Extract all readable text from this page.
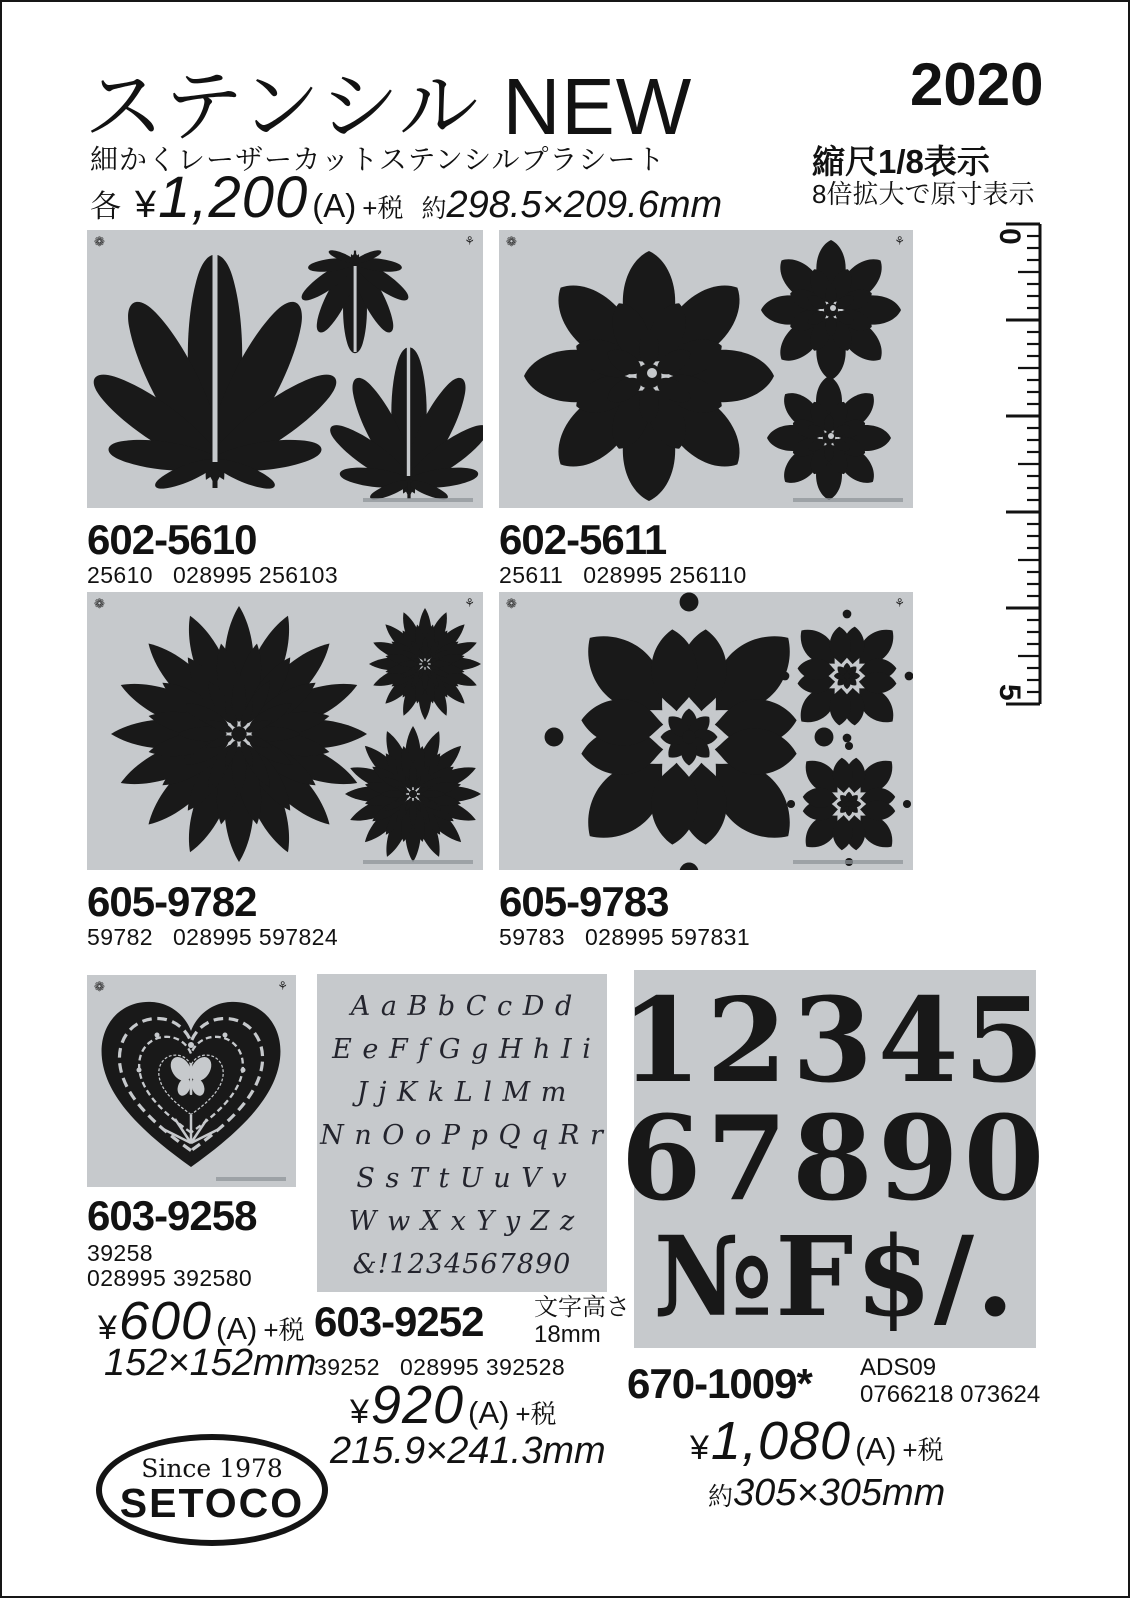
ステンシル NEW
細かくレーザーカットステンシルプラシート
各 ¥ 1,200 (A) +税 約 298.5×209.6mm
2020
縮尺1/8表示
8倍拡大で原寸表示
0
5
❁	⚘ ❁	⚘
602-5610
25610 028995 256103
602-5611
25611 028995 256110
❁	⚘ ❁	⚘
605-9782
59782 028995 597824
605-9783
59783 028995 597831
❁	⚘
603-9258
39258
028995 392580
¥ 600 (A) +税
152×152mm
A a B b C c D d
E e F f G g H h I i
J j K k L l M m
N n O o P p Q q R r
S s T t U u V v
W w X x Y y Z z
&!1234567890
603-9252 文字高さ
18mm
39252 028995 392528
¥ 920 (A) +税
215.9×241.3mm
12345
67890
№F$/.
670-1009* ADS09
0766218 073624
¥ 1,080 (A) +税
約 305×305mm
Since 1978
SETOCO
